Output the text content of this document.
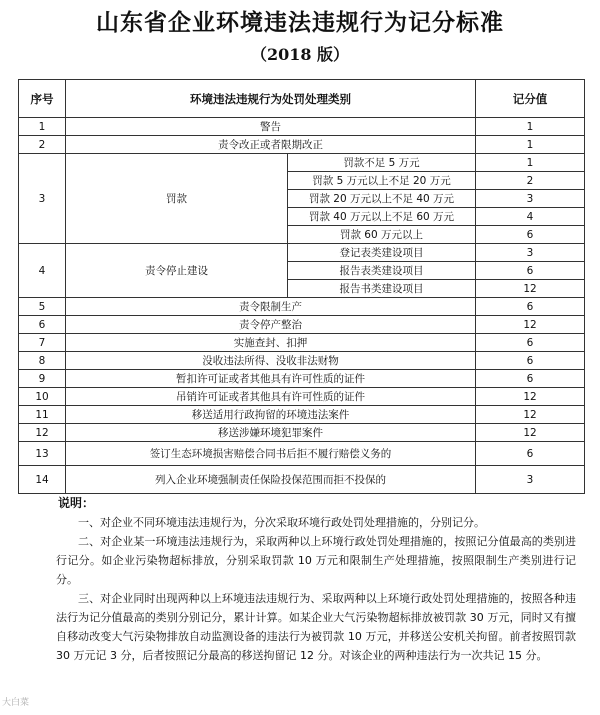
山东省企业环境违法违规行为记分标准
（2018 版）
序号	环境违法违规行为处罚处理类别		记分值
1	警告		1
2	责令改正或者限期改正		1
3	罚款	罚款不足 5 万元	1
		罚款 5 万元以上不足 20 万元	2
		罚款 20 万元以上不足 40 万元	3
		罚款 40 万元以上不足 60 万元	4
		罚款 60 万元以上	6
4	责令停止建设	登记表类建设项目	3
		报告表类建设项目	6
		报告书类建设项目	12
5	责令限制生产		6
6	责令停产整治		12
7	实施查封、扣押		6
8	没收违法所得、没收非法财物		6
9	暂扣许可证或者其他具有许可性质的证件		6
10	吊销许可证或者其他具有许可性质的证件		12
11	移送适用行政拘留的环境违法案件		12
12	移送涉嫌环境犯罪案件		12
13	签订生态环境损害赔偿合同书后拒不履行赔偿义务的		6
14	列入企业环境强制责任保险投保范围而拒不投保的		3
说明：

一、对企业不同环境违法违规行为，分次采取环境行政处罚处理措施的，分别记分。

二、对企业某一环境违法违规行为，采取两种以上环境行政处罚处理措施的，按照记分值最高的类别进行记分。如企业污染物超标排放，分别采取罚款 10 万元和限制生产处理措施，按照限制生产类别进行记分。

三、对企业同时出现两种以上环境违法违规行为、采取两种以上环境行政处罚处理措施的，按照各种违法行为记分值最高的类别分别记分，累计计算。如某企业大气污染物超标排放被罚款 30 万元，同时又有擅自移动改变大气污染物排放自动监测设备的违法行为被罚款 10 万元，并移送公安机关拘留。前者按照罚款 30 万元记 3 分，后者按照记分最高的移送拘留记 12 分。对该企业的两种违法行为一次共记 15 分。

大白菜
